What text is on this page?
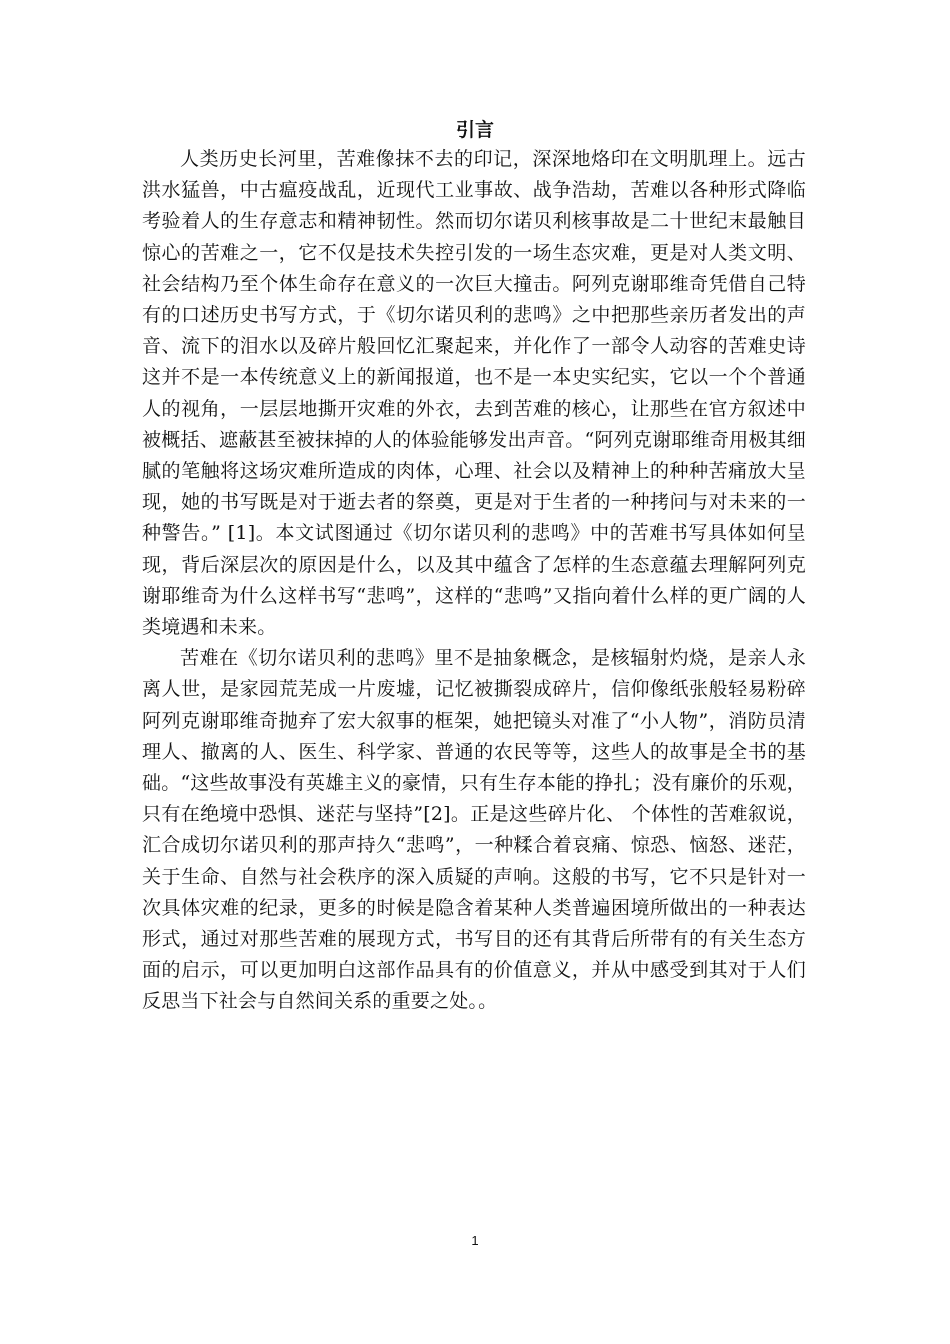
引言

人类历史长河里，苦难像抹不去的印记，深深地烙印在文明肌理上。远古洪水猛兽，中古瘟疫战乱，近现代工业事故、战争浩劫，苦难以各种形式降临考验着人的生存意志和精神韧性。然而切尔诺贝利核事故是二十世纪末最触目惊心的苦难之一，它不仅是技术失控引发的一场生态灾难，更是对人类文明、社会结构乃至个体生命存在意义的一次巨大撞击。阿列克谢耶维奇凭借自己特有的口述历史书写方式，于《切尔诺贝利的悲鸣》之中把那些亲历者发出的声音、流下的泪水以及碎片般回忆汇聚起来，并化作了一部令人动容的苦难史诗这并不是一本传统意义上的新闻报道，也不是一本史实纪实，它以一个个普通人的视角，一层层地撕开灾难的外衣，去到苦难的核心，让那些在官方叙述中被概括、遮蔽甚至被抹掉的人的体验能够发出声音。“阿列克谢耶维奇用极其细腻的笔触将这场灾难所造成的肉体，心理、社会以及精神上的种种苦痛放大呈现，她的书写既是对于逝去者的祭奠，更是对于生者的一种拷问与对未来的一种警告。” [1]。本文试图通过《切尔诺贝利的悲鸣》中的苦难书写具体如何呈现，背后深层次的原因是什么，以及其中蕴含了怎样的生态意蕴去理解阿列克谢耶维奇为什么这样书写“悲鸣”，这样的“悲鸣”又指向着什么样的更广阔的人类境遇和未来。

苦难在《切尔诺贝利的悲鸣》里不是抽象概念，是核辐射灼烧，是亲人永离人世，是家园荒芜成一片废墟，记忆被撕裂成碎片，信仰像纸张般轻易粉碎阿列克谢耶维奇抛弃了宏大叙事的框架，她把镜头对准了“小人物”，消防员清理人、撤离的人、医生、科学家、普通的农民等等，这些人的故事是全书的基础。“这些故事没有英雄主义的豪情，只有生存本能的挣扎；没有廉价的乐观，只有在绝境中恐惧、迷茫与坚持”[2]。正是这些碎片化、 个体性的苦难叙说，汇合成切尔诺贝利的那声持久“悲鸣”，一种糅合着哀痛、惊恐、恼怒、迷茫，关于生命、自然与社会秩序的深入质疑的声响。这般的书写，它不只是针对一次具体灾难的纪录，更多的时候是隐含着某种人类普遍困境所做出的一种表达形式，通过对那些苦难的展现方式，书写目的还有其背后所带有的有关生态方面的启示，可以更加明白这部作品具有的价值意义，并从中感受到其对于人们反思当下社会与自然间关系的重要之处。。

1
